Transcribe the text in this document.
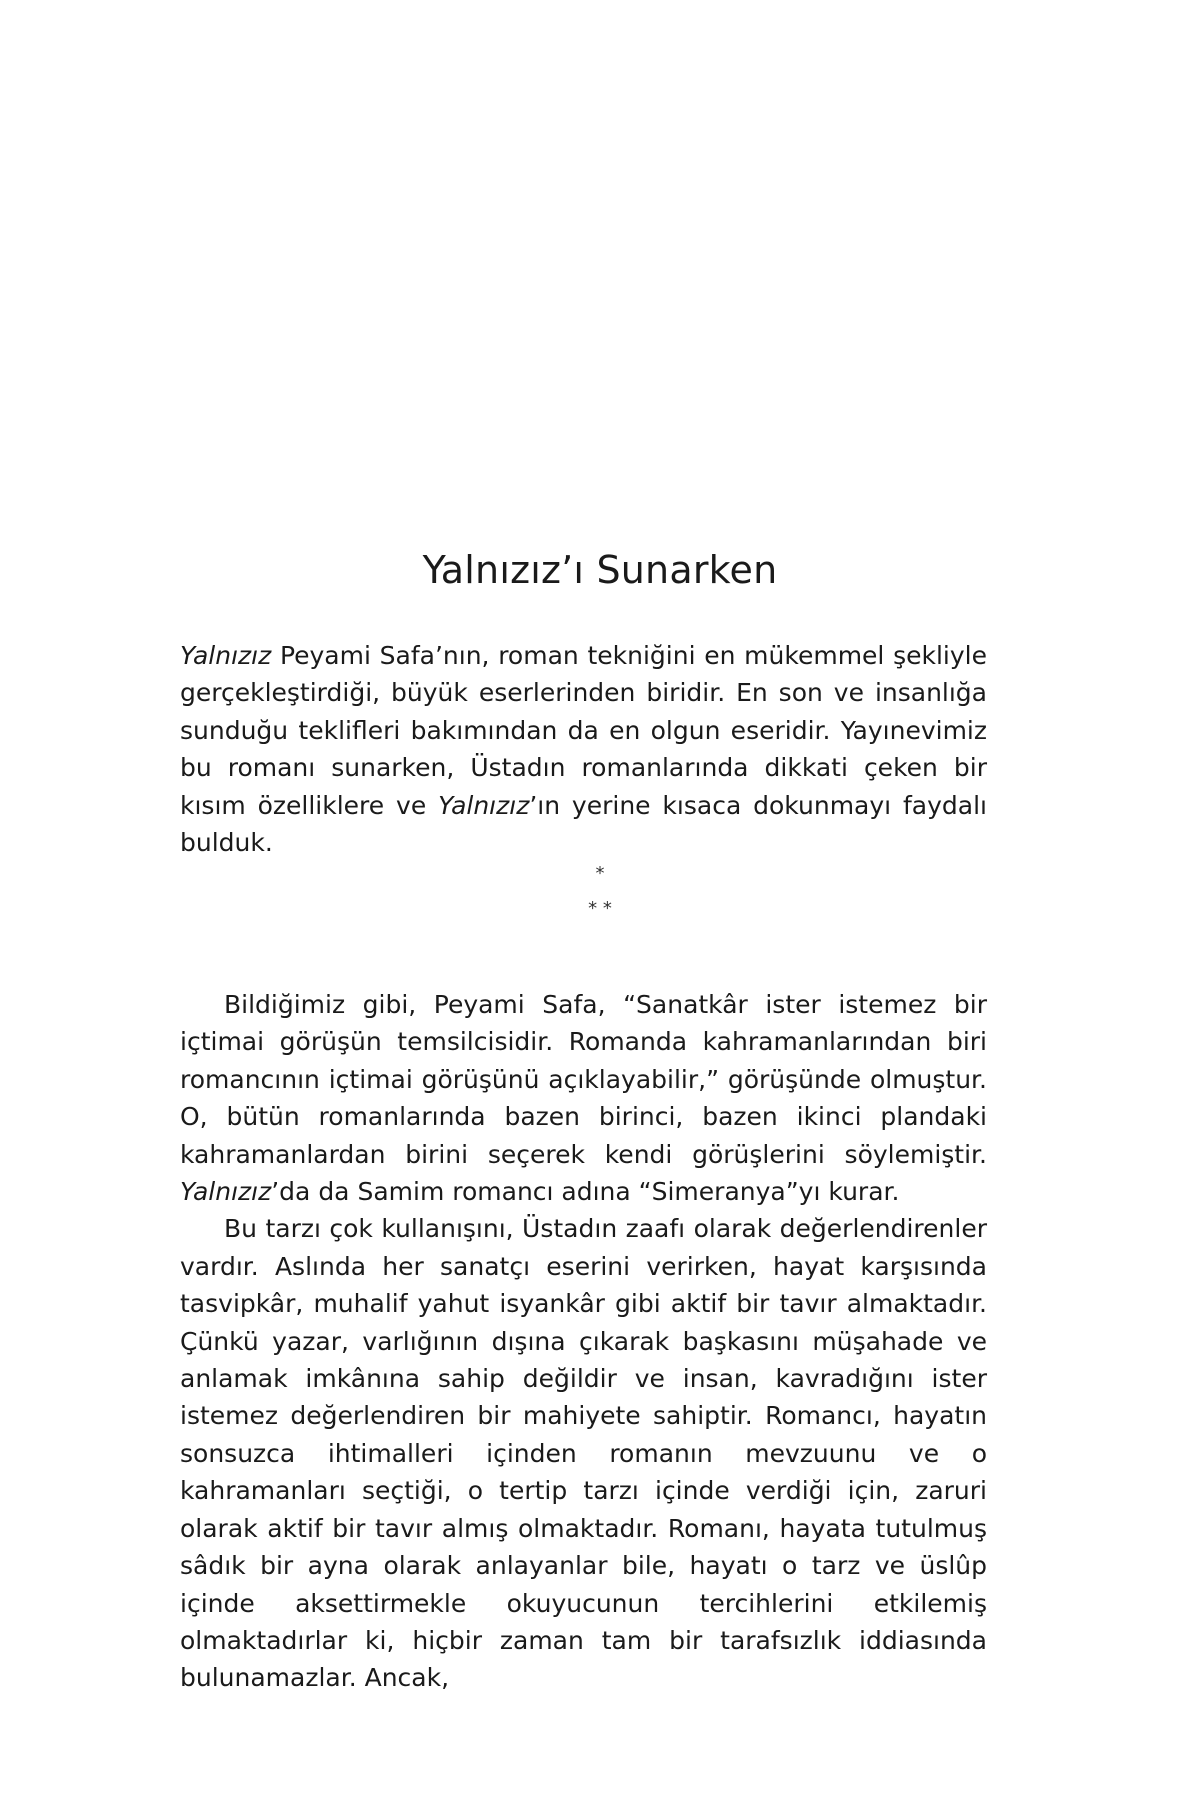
Yalnızız’ı Sunarken

Yalnızız Peyami Safa’nın, roman tekniğini en mükemmel şekliyle gerçekleştirdiği, büyük eserlerinden biridir. En son ve insanlığa sunduğu teklifleri bakımından da en olgun eseridir. Yayınevimiz bu romanı sunarken, Üstadın romanlarında dikkati çeken bir kısım özelliklere ve Yalnızız’ın yerine kısaca dokunmayı faydalı bulduk.

*
* *

Bildiğimiz gibi, Peyami Safa, “Sanatkâr ister istemez bir içtimai görüşün temsilcisidir. Romanda kahramanlarından biri romancının içtimai görüşünü açıklayabilir,” görüşünde olmuştur. O, bütün romanlarında bazen birinci, bazen ikinci plandaki kahramanlardan birini seçerek kendi görüşlerini söylemiştir. Yalnızız’da da Samim romancı adına “Simeranya”yı kurar.

Bu tarzı çok kullanışını, Üstadın zaafı olarak değerlendirenler vardır. Aslında her sanatçı eserini verirken, hayat karşısında tasvipkâr, muhalif yahut isyankâr gibi aktif bir tavır almaktadır. Çünkü yazar, varlığının dışına çıkarak başkasını müşahade ve anlamak imkânına sahip değildir ve insan, kavradığını ister istemez değerlendiren bir mahiyete sahiptir. Romancı, hayatın sonsuzca ihtimalleri içinden romanın mevzuunu ve o kahramanları seçtiği, o tertip tarzı içinde verdiği için, zaruri olarak aktif bir tavır almış olmaktadır. Romanı, hayata tutulmuş sâdık bir ayna olarak anlayanlar bile, hayatı o tarz ve üslûp içinde aksettirmekle okuyucunun tercihlerini etkilemiş olmaktadırlar ki, hiçbir zaman tam bir tarafsızlık iddiasında bulunamazlar. Ancak,
